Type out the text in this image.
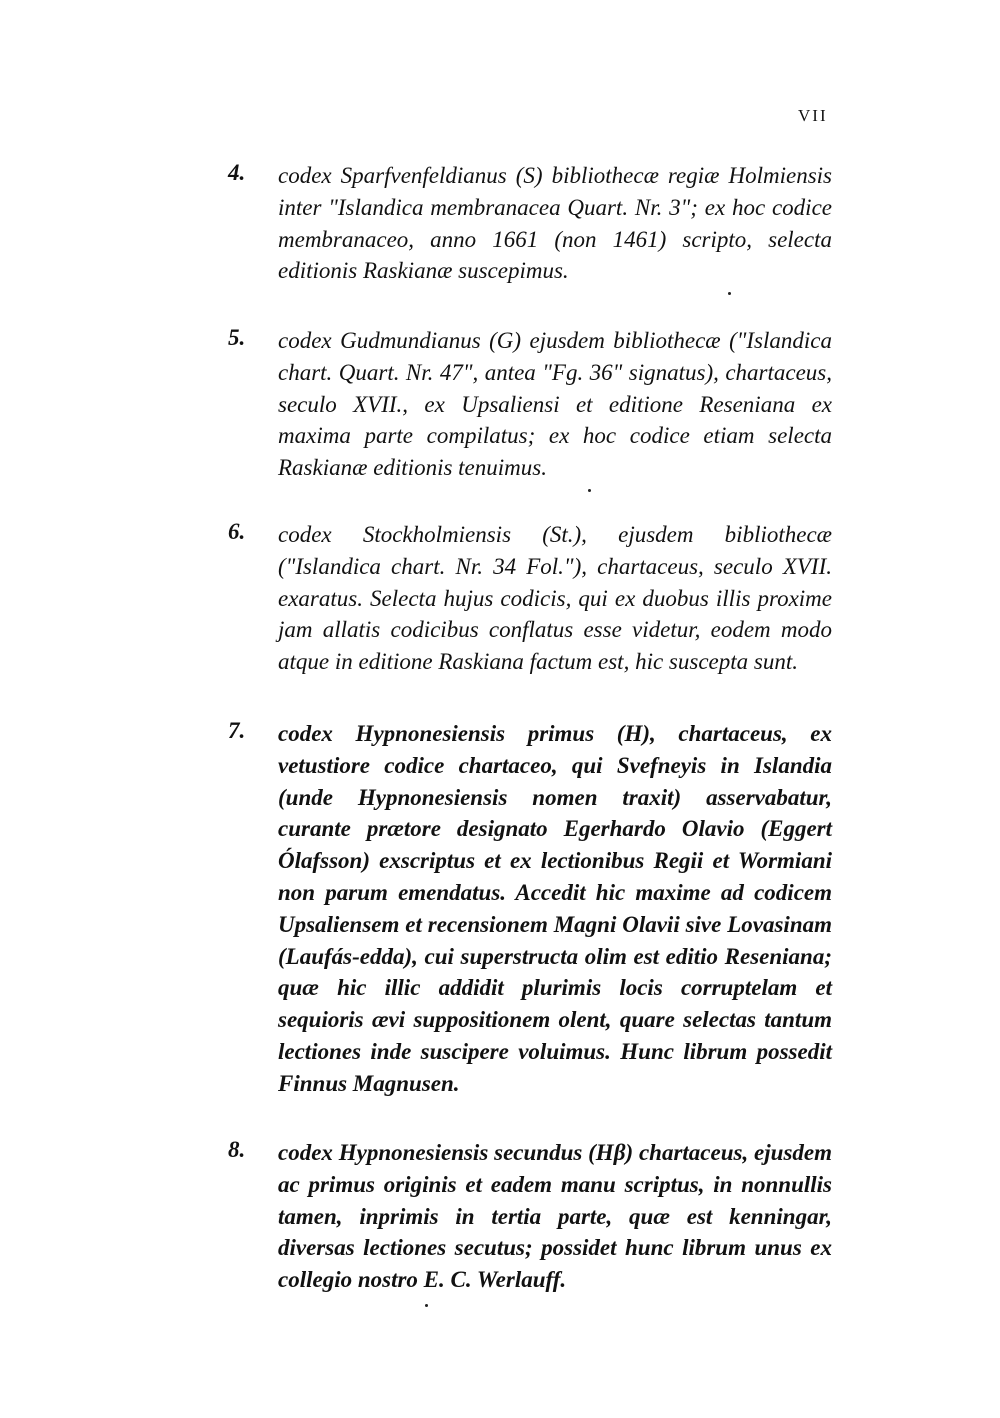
VII
4. codex Sparfvenfeldianus (S) bibliothecæ regiæ Holmiensis inter "Islandica membranacea Quart. Nr. 3"; ex hoc codice membranaceo, anno 1661 (non 1461) scripto, selecta editionis Raskianæ suscepimus.
5. codex Gudmundianus (G) ejusdem bibliothecæ ("Islandica chart. Quart. Nr. 47", antea "Fg. 36" signatus), chartaceus, seculo XVII., ex Upsaliensi et editione Reseniana ex maxima parte compilatus; ex hoc codice etiam selecta Raskianæ editionis tenuimus.
6. codex Stockholmiensis (St.), ejusdem bibliothecæ ("Islandica chart. Nr. 34 Fol."), chartaceus, seculo XVII. exaratus. Selecta hujus codicis, qui ex duobus illis proxime jam allatis codicibus conflatus esse videtur, eodem modo atque in editione Raskiana factum est, hic suscepta sunt.
7. codex Hypnonesiensis primus (H), chartaceus, ex vetustiore codice chartaceo, qui Svefneyis in Islandia (unde Hypnonesiensis nomen traxit) asservabatur, curante prætore designato Egerhardo Olavio (Eggert Ólafsson) exscriptus et ex lectionibus Regii et Wormiani non parum emendatus. Accedit hic maxime ad codicem Upsaliensem et recensionem Magni Olavii sive Lovasinam (Laufás-edda), cui superstructa olim est editio Reseniana; quæ hic illic addidit plurimis locis corruptelam et sequioris ævi suppositionem olent, quare selectas tantum lectiones inde suscipere voluimus. Hunc librum possedit Finnus Magnusen.
8. codex Hypnonesiensis secundus (Hβ) chartaceus, ejusdem ac primus originis et eadem manu scriptus, in nonnullis tamen, inprimis in tertia parte, quæ est kenningar, diversas lectiones secutus; possidet hunc librum unus ex collegio nostro E. C. Werlauff.
